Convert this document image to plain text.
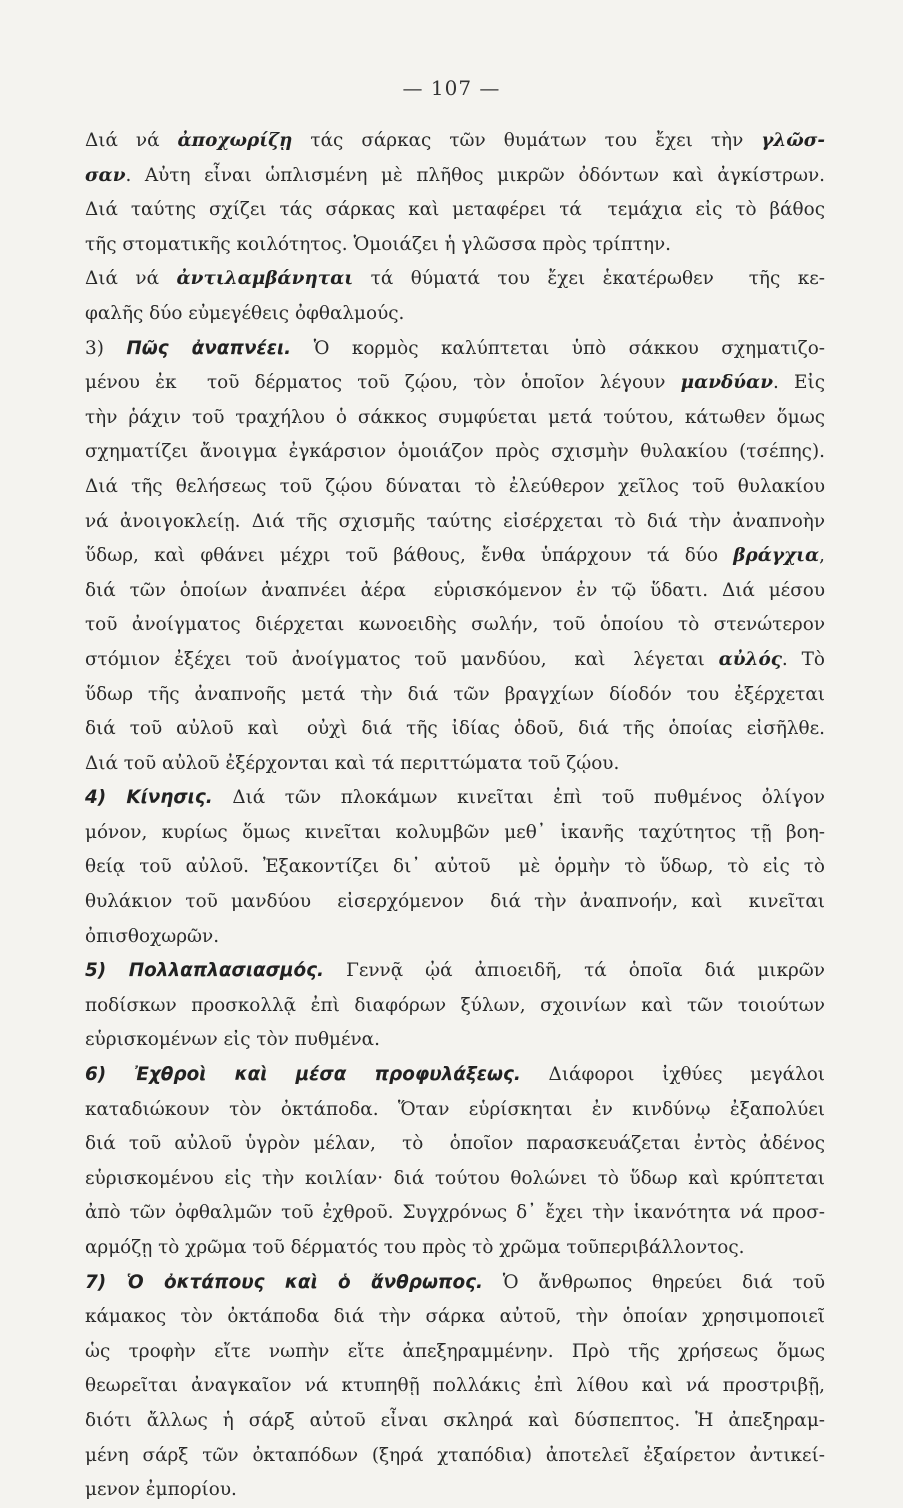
— 107 —
Διά νά ἀποχωρίζῃ τάς σάρκας τῶν θυμάτων του ἔχει τὴν γλῶσ-
σαν. Αὐτη εἶναι ὡπλισμένη μὲ πλῆθος μικρῶν ὀδόντων καὶ ἀγκίστρων.
Διά ταύτης σχίζει τάς σάρκας καὶ μεταφέρει τά  τεμάχια εἰς τὸ βάθος
τῆς στοματικῆς κοιλότητος. Ὁμοιάζει ἡ γλῶσσα πρὸς τρίπτην.
Διά νά ἀντιλαμβάνηται τά θύματά του ἔχει ἑκατέρωθεν  τῆς κε-
φαλῆς δύο εὐμεγέθεις ὀφθαλμούς.
3) Πῶς ἀναπνέει. Ὁ κορμὸς καλύπτεται ὑπὸ σάκκου σχηματιζο-
μένου ἐκ  τοῦ δέρματος τοῦ ζῴου, τὸν ὁποῖον λέγουν μανδύαν. Εἰς
τὴν ῥάχιν τοῦ τραχήλου ὁ σάκκος συμφύεται μετά τούτου, κάτωθεν ὅμως
σχηματίζει ἄνοιγμα ἐγκάρσιον ὁμοιάζον πρὸς σχισμὴν θυλακίου (τσέπης).
Διά τῆς θελήσεως τοῦ ζῴου δύναται τὸ ἐλεύθερον χεῖλος τοῦ θυλακίου
νά ἀνοιγοκλείῃ. Διά τῆς σχισμῆς ταύτης εἰσέρχεται τὸ διά τὴν ἀναπνοὴν
ὕδωρ, καὶ φθάνει μέχρι τοῦ βάθους, ἔνθα ὑπάρχουν τά δύο βράγχια,
διά τῶν ὁποίων ἀναπνέει ἀέρα  εὑρισκόμενον ἐν τῷ ὕδατι. Διά μέσου
τοῦ ἀνοίγματος διέρχεται κωνοειδὴς σωλήν, τοῦ ὁποίου τὸ στενώτερον
στόμιον ἐξέχει τοῦ ἀνοίγματος τοῦ μανδύου,  καὶ  λέγεται αὐλός. Τὸ
ὕδωρ τῆς ἀναπνοῆς μετά τὴν διά τῶν βραγχίων δίοδόν του ἐξέρχεται
διά τοῦ αὐλοῦ καὶ  οὐχὶ διά τῆς ἰδίας ὁδοῦ, διά τῆς ὁποίας εἰσῆλθε.
Διά τοῦ αὐλοῦ ἐξέρχονται καὶ τά περιττώματα τοῦ ζῴου.
4) Κίνησις. Διά τῶν πλοκάμων κινεῖται ἐπὶ τοῦ πυθμένος ὀλίγον
μόνον, κυρίως ὅμως κινεῖται κολυμβῶν μεθ᾽ ἱκανῆς ταχύτητος τῇ βοη-
θείᾳ τοῦ αὐλοῦ. Ἐξακοντίζει δι᾽ αὐτοῦ  μὲ ὁρμὴν τὸ ὕδωρ, τὸ εἰς τὸ
θυλάκιον τοῦ μανδύου  εἰσερχόμενον  διά τὴν ἀναπνοήν, καὶ  κινεῖται
ὀπισθοχωρῶν.
5) Πολλαπλασιασμός. Γεννᾷ ᾠά ἀπιοειδῆ, τά ὁποῖα διά μικρῶν
ποδίσκων προσκολλᾷ ἐπὶ διαφόρων ξύλων, σχοινίων καὶ τῶν τοιούτων
εὑρισκομένων εἰς τὸν πυθμένα.
6) Ἐχθροὶ καὶ μέσα προφυλάξεως. Διάφοροι ἰχθύες μεγάλοι
καταδιώκουν τὸν ὀκτάποδα. Ὅταν εὑρίσκηται ἐν κινδύνῳ ἐξαπολύει
διά τοῦ αὐλοῦ ὑγρὸν μέλαν,  τὸ  ὁποῖον παρασκευάζεται ἐντὸς ἀδένος
εὑρισκομένου εἰς τὴν κοιλίαν· διά τούτου θολώνει τὸ ὕδωρ καὶ κρύπτεται
ἀπὸ τῶν ὀφθαλμῶν τοῦ ἐχθροῦ. Συγχρόνως δ᾽ ἔχει τὴν ἱκανότητα νά προσ-
αρμόζῃ τὸ χρῶμα τοῦ δέρματός του πρὸς τὸ χρῶμα τοῦπεριβάλλοντος.
7) Ὁ ὀκτάπους καὶ ὁ ἄνθρωπος. Ὁ ἄνθρωπος θηρεύει διά τοῦ
κάμακος τὸν ὀκτάποδα διά τὴν σάρκα αὐτοῦ, τὴν ὁποίαν χρησιμοποιεῖ
ὡς τροφὴν εἴτε νωπὴν εἴτε ἀπεξηραμμένην. Πρὸ τῆς χρήσεως ὅμως
θεωρεῖται ἀναγκαῖον νά κτυπηθῇ πολλάκις ἐπὶ λίθου καὶ νά προστριβῇ,
διότι ἄλλως ἡ σάρξ αὐτοῦ εἶναι σκληρά καὶ δύσπεπτος. Ἡ ἀπεξηραμ-
μένη σάρξ τῶν ὀκταπόδων (ξηρά χταπόδια) ἀποτελεῖ ἐξαίρετον ἀντικεί-
μενον ἐμπορίου.
